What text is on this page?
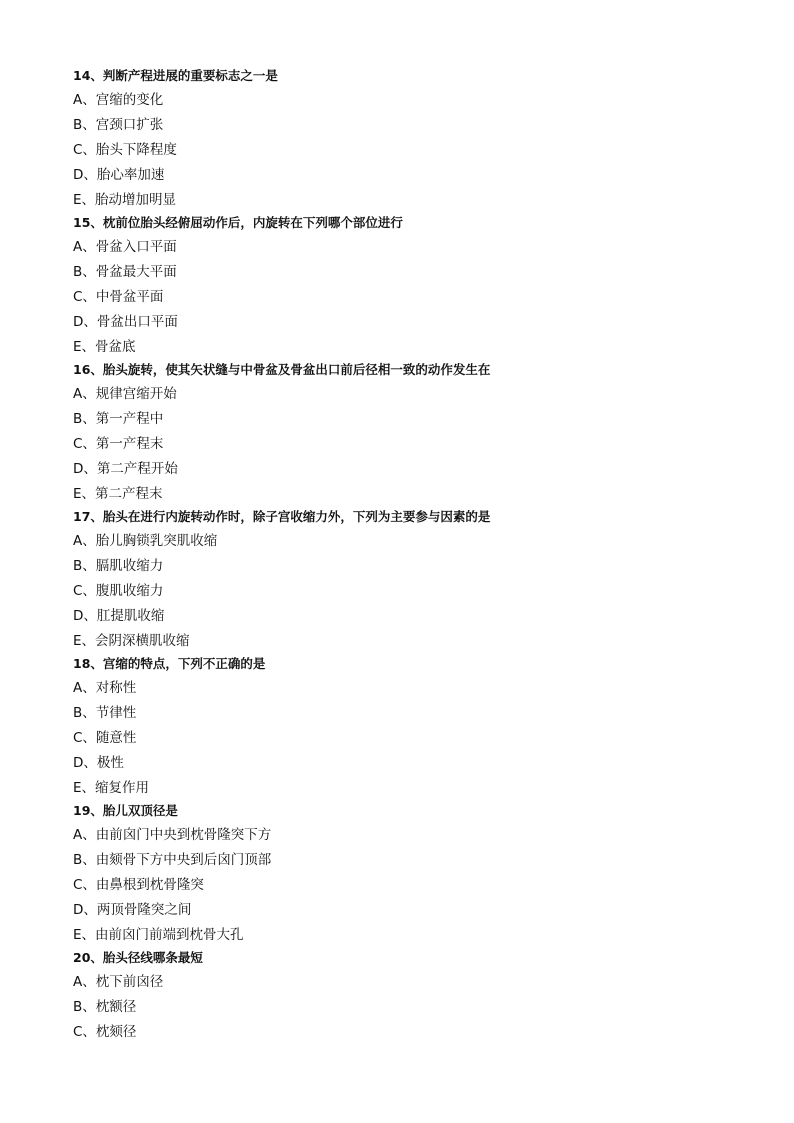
14、判断产程进展的重要标志之一是
A、宫缩的变化
B、宫颈口扩张
C、胎头下降程度
D、胎心率加速
E、胎动增加明显
15、枕前位胎头经俯屈动作后，内旋转在下列哪个部位进行
A、骨盆入口平面
B、骨盆最大平面
C、中骨盆平面
D、骨盆出口平面
E、骨盆底
16、胎头旋转，使其矢状缝与中骨盆及骨盆出口前后径相一致的动作发生在
A、规律宫缩开始
B、第一产程中
C、第一产程末
D、第二产程开始
E、第二产程末
17、胎头在进行内旋转动作时，除子宫收缩力外，下列为主要参与因素的是
A、胎儿胸锁乳突肌收缩
B、膈肌收缩力
C、腹肌收缩力
D、肛提肌收缩
E、会阴深横肌收缩
18、宫缩的特点，下列不正确的是
A、对称性
B、节律性
C、随意性
D、极性
E、缩复作用
19、胎儿双顶径是
A、由前囟门中央到枕骨隆突下方
B、由颏骨下方中央到后囟门顶部
C、由鼻根到枕骨隆突
D、两顶骨隆突之间
E、由前囟门前端到枕骨大孔
20、胎头径线哪条最短
A、枕下前囟径
B、枕额径
C、枕颏径
